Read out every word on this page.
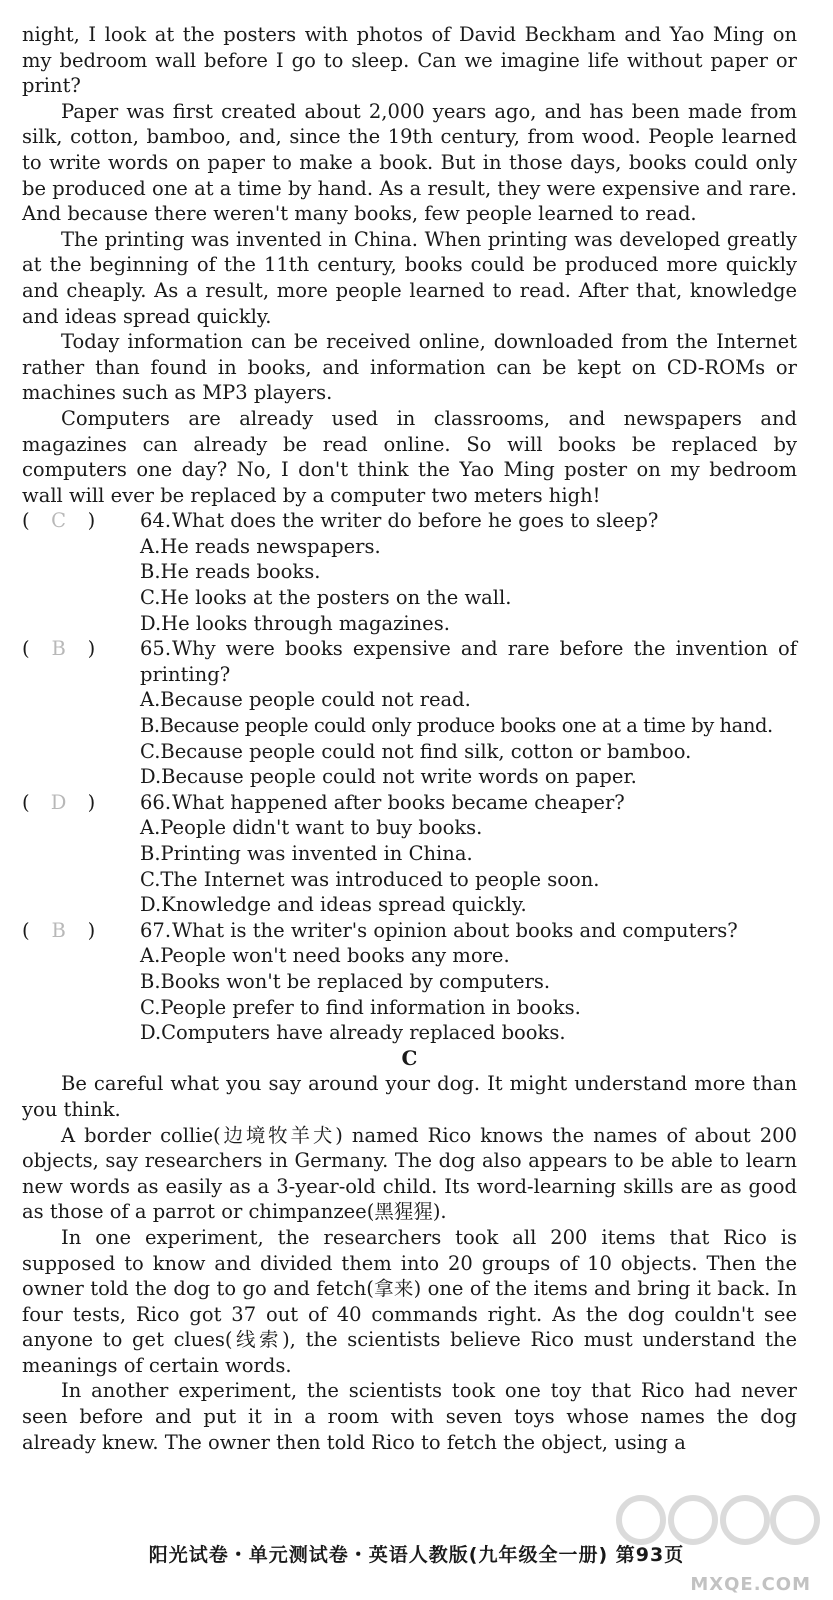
night, I look at the posters with photos of David Beckham and Yao Ming on my bedroom wall before I go to sleep. Can we imagine life without paper or print?

Paper was first created about 2,000 years ago, and has been made from silk, cotton, bamboo, and, since the 19th century, from wood. People learned to write words on paper to make a book. But in those days, books could only be produced one at a time by hand. As a result, they were expensive and rare. And because there weren't many books, few people learned to read.

The printing was invented in China. When printing was developed greatly at the beginning of the 11th century, books could be produced more quickly and cheaply. As a result, more people learned to read. After that, knowledge and ideas spread quickly.

Today information can be received online, downloaded from the Internet rather than found in books, and information can be kept on CD-ROMs or machines such as MP3 players.

Computers are already used in classrooms, and newspapers and magazines can already be read online. So will books be replaced by computers one day? No, I don't think the Yao Ming poster on my bedroom wall will ever be replaced by a computer two meters high!

( C )	64.What does the writer do before he goes to sleep?
A.He reads newspapers.
B.He reads books.
C.He looks at the posters on the wall.
D.He looks through magazines.
( B )	65.Why were books expensive and rare before the invention of printing?
A.Because people could not read.
B.Because people could only produce books one at a time by hand.
C.Because people could not find silk, cotton or bamboo.
D.Because people could not write words on paper.
( D )	66.What happened after books became cheaper?
A.People didn't want to buy books.
B.Printing was invented in China.
C.The Internet was introduced to people soon.
D.Knowledge and ideas spread quickly.
( B )	67.What is the writer's opinion about books and computers?
A.People won't need books any more.
B.Books won't be replaced by computers.
C.People prefer to find information in books.
D.Computers have already replaced books.

C

Be careful what you say around your dog. It might understand more than you think.

A border collie(边境牧羊犬) named Rico knows the names of about 200 objects, say researchers in Germany. The dog also appears to be able to learn new words as easily as a 3-year-old child. Its word-learning skills are as good as those of a parrot or chimpanzee(黑猩猩).

In one experiment, the researchers took all 200 items that Rico is supposed to know and divided them into 20 groups of 10 objects. Then the owner told the dog to go and fetch(拿来) one of the items and bring it back. In four tests, Rico got 37 out of 40 commands right. As the dog couldn't see anyone to get clues(线索), the scientists believe Rico must understand the meanings of certain words.

In another experiment, the scientists took one toy that Rico had never seen before and put it in a room with seven toys whose names the dog already knew. The owner then told Rico to fetch the object, using a

MXQE.COM
阳光试卷・单元测试卷・英语人教版(九年级全一册) 第93页
